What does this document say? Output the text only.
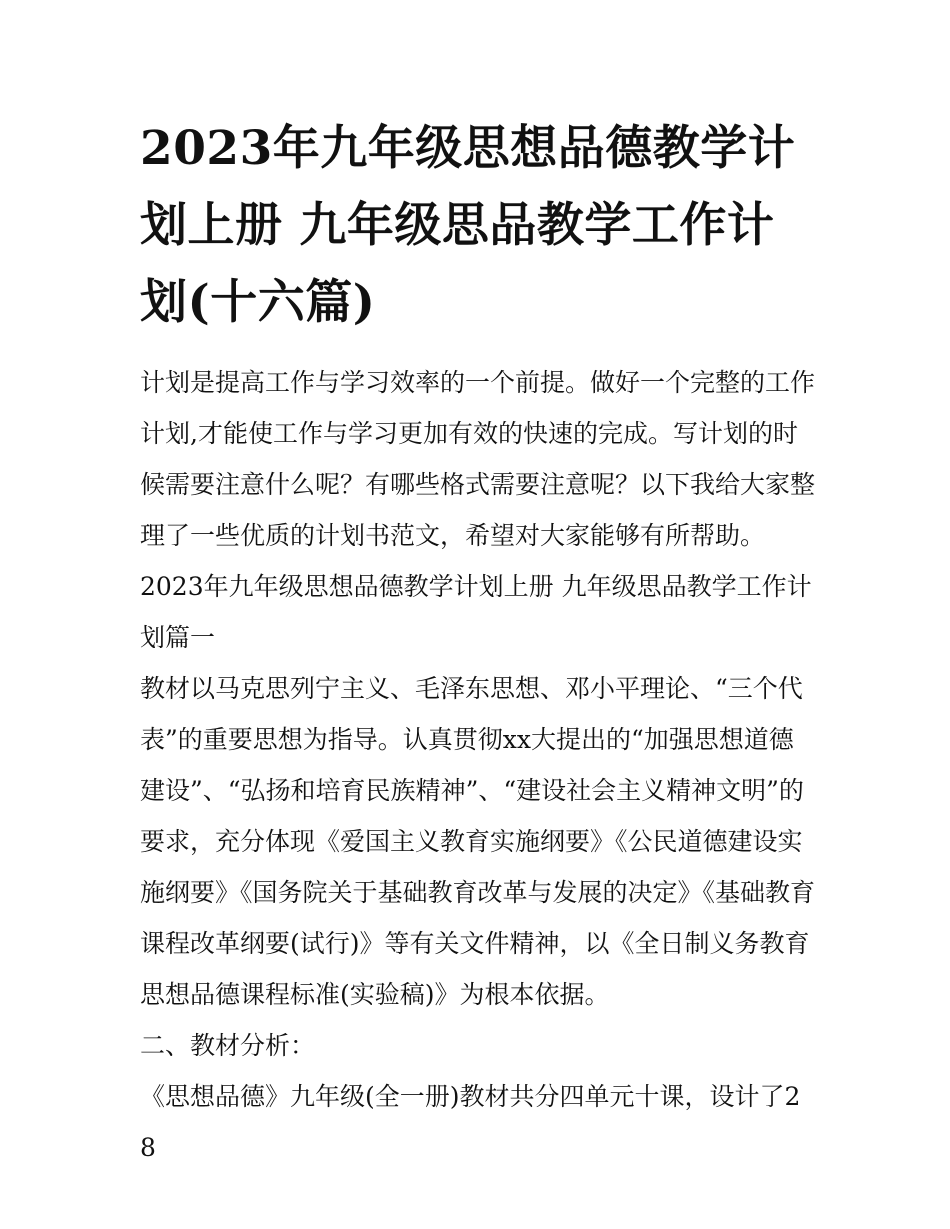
2023年九年级思想品德教学计划上册 九年级思品教学工作计划(十六篇)

计划是提高工作与学习效率的一个前提。做好一个完整的工作计划,才能使工作与学习更加有效的快速的完成。写计划的时候需要注意什么呢？有哪些格式需要注意呢？以下我给大家整理了一些优质的计划书范文，希望对大家能够有所帮助。

2023年九年级思想品德教学计划上册 九年级思品教学工作计划篇一

教材以马克思列宁主义、毛泽东思想、邓小平理论、“三个代表”的重要思想为指导。认真贯彻xx大提出的“加强思想道德建设”、“弘扬和培育民族精神”、“建设社会主义精神文明”的要求，充分体现《爱国主义教育实施纲要》《公民道德建设实施纲要》《国务院关于基础教育改革与发展的决定》《基础教育课程改革纲要(试行)》等有关文件精神，以《全日制义务教育思想品德课程标准(实验稿)》为根本依据。

二、教材分析：

《思想品德》九年级(全一册)教材共分四单元十课，设计了28
